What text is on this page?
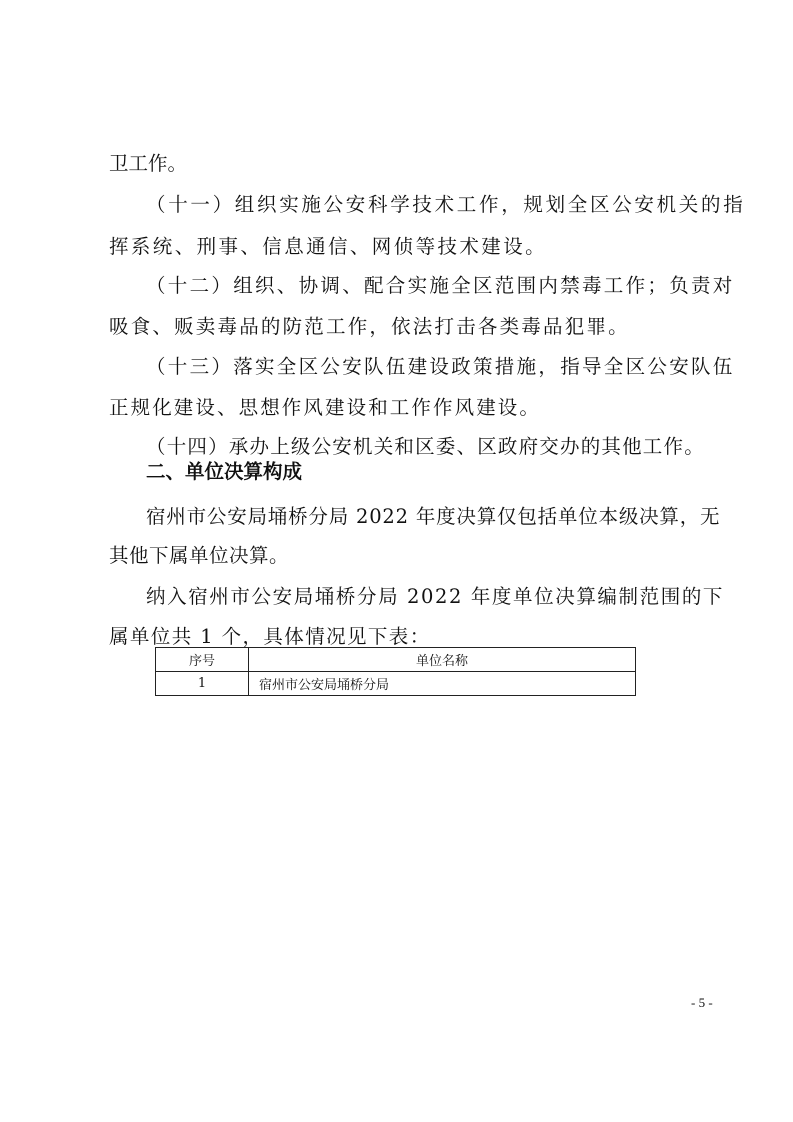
卫工作。
（十一）组织实施公安科学技术工作，规划全区公安机关的指
挥系统、刑事、信息通信、网侦等技术建设。
（十二）组织、协调、配合实施全区范围内禁毒工作；负责对
吸食、贩卖毒品的防范工作，依法打击各类毒品犯罪。
（十三）落实全区公安队伍建设政策措施，指导全区公安队伍
正规化建设、思想作风建设和工作作风建设。
（十四）承办上级公安机关和区委、区政府交办的其他工作。
二、单位决算构成
宿州市公安局埇桥分局 2022 年度决算仅包括单位本级决算，无
其他下属单位决算。
纳入宿州市公安局埇桥分局 2022 年度单位决算编制范围的下
属单位共 1 个，具体情况见下表：
序号	单位名称
1	宿州市公安局埇桥分局
- 5 -
